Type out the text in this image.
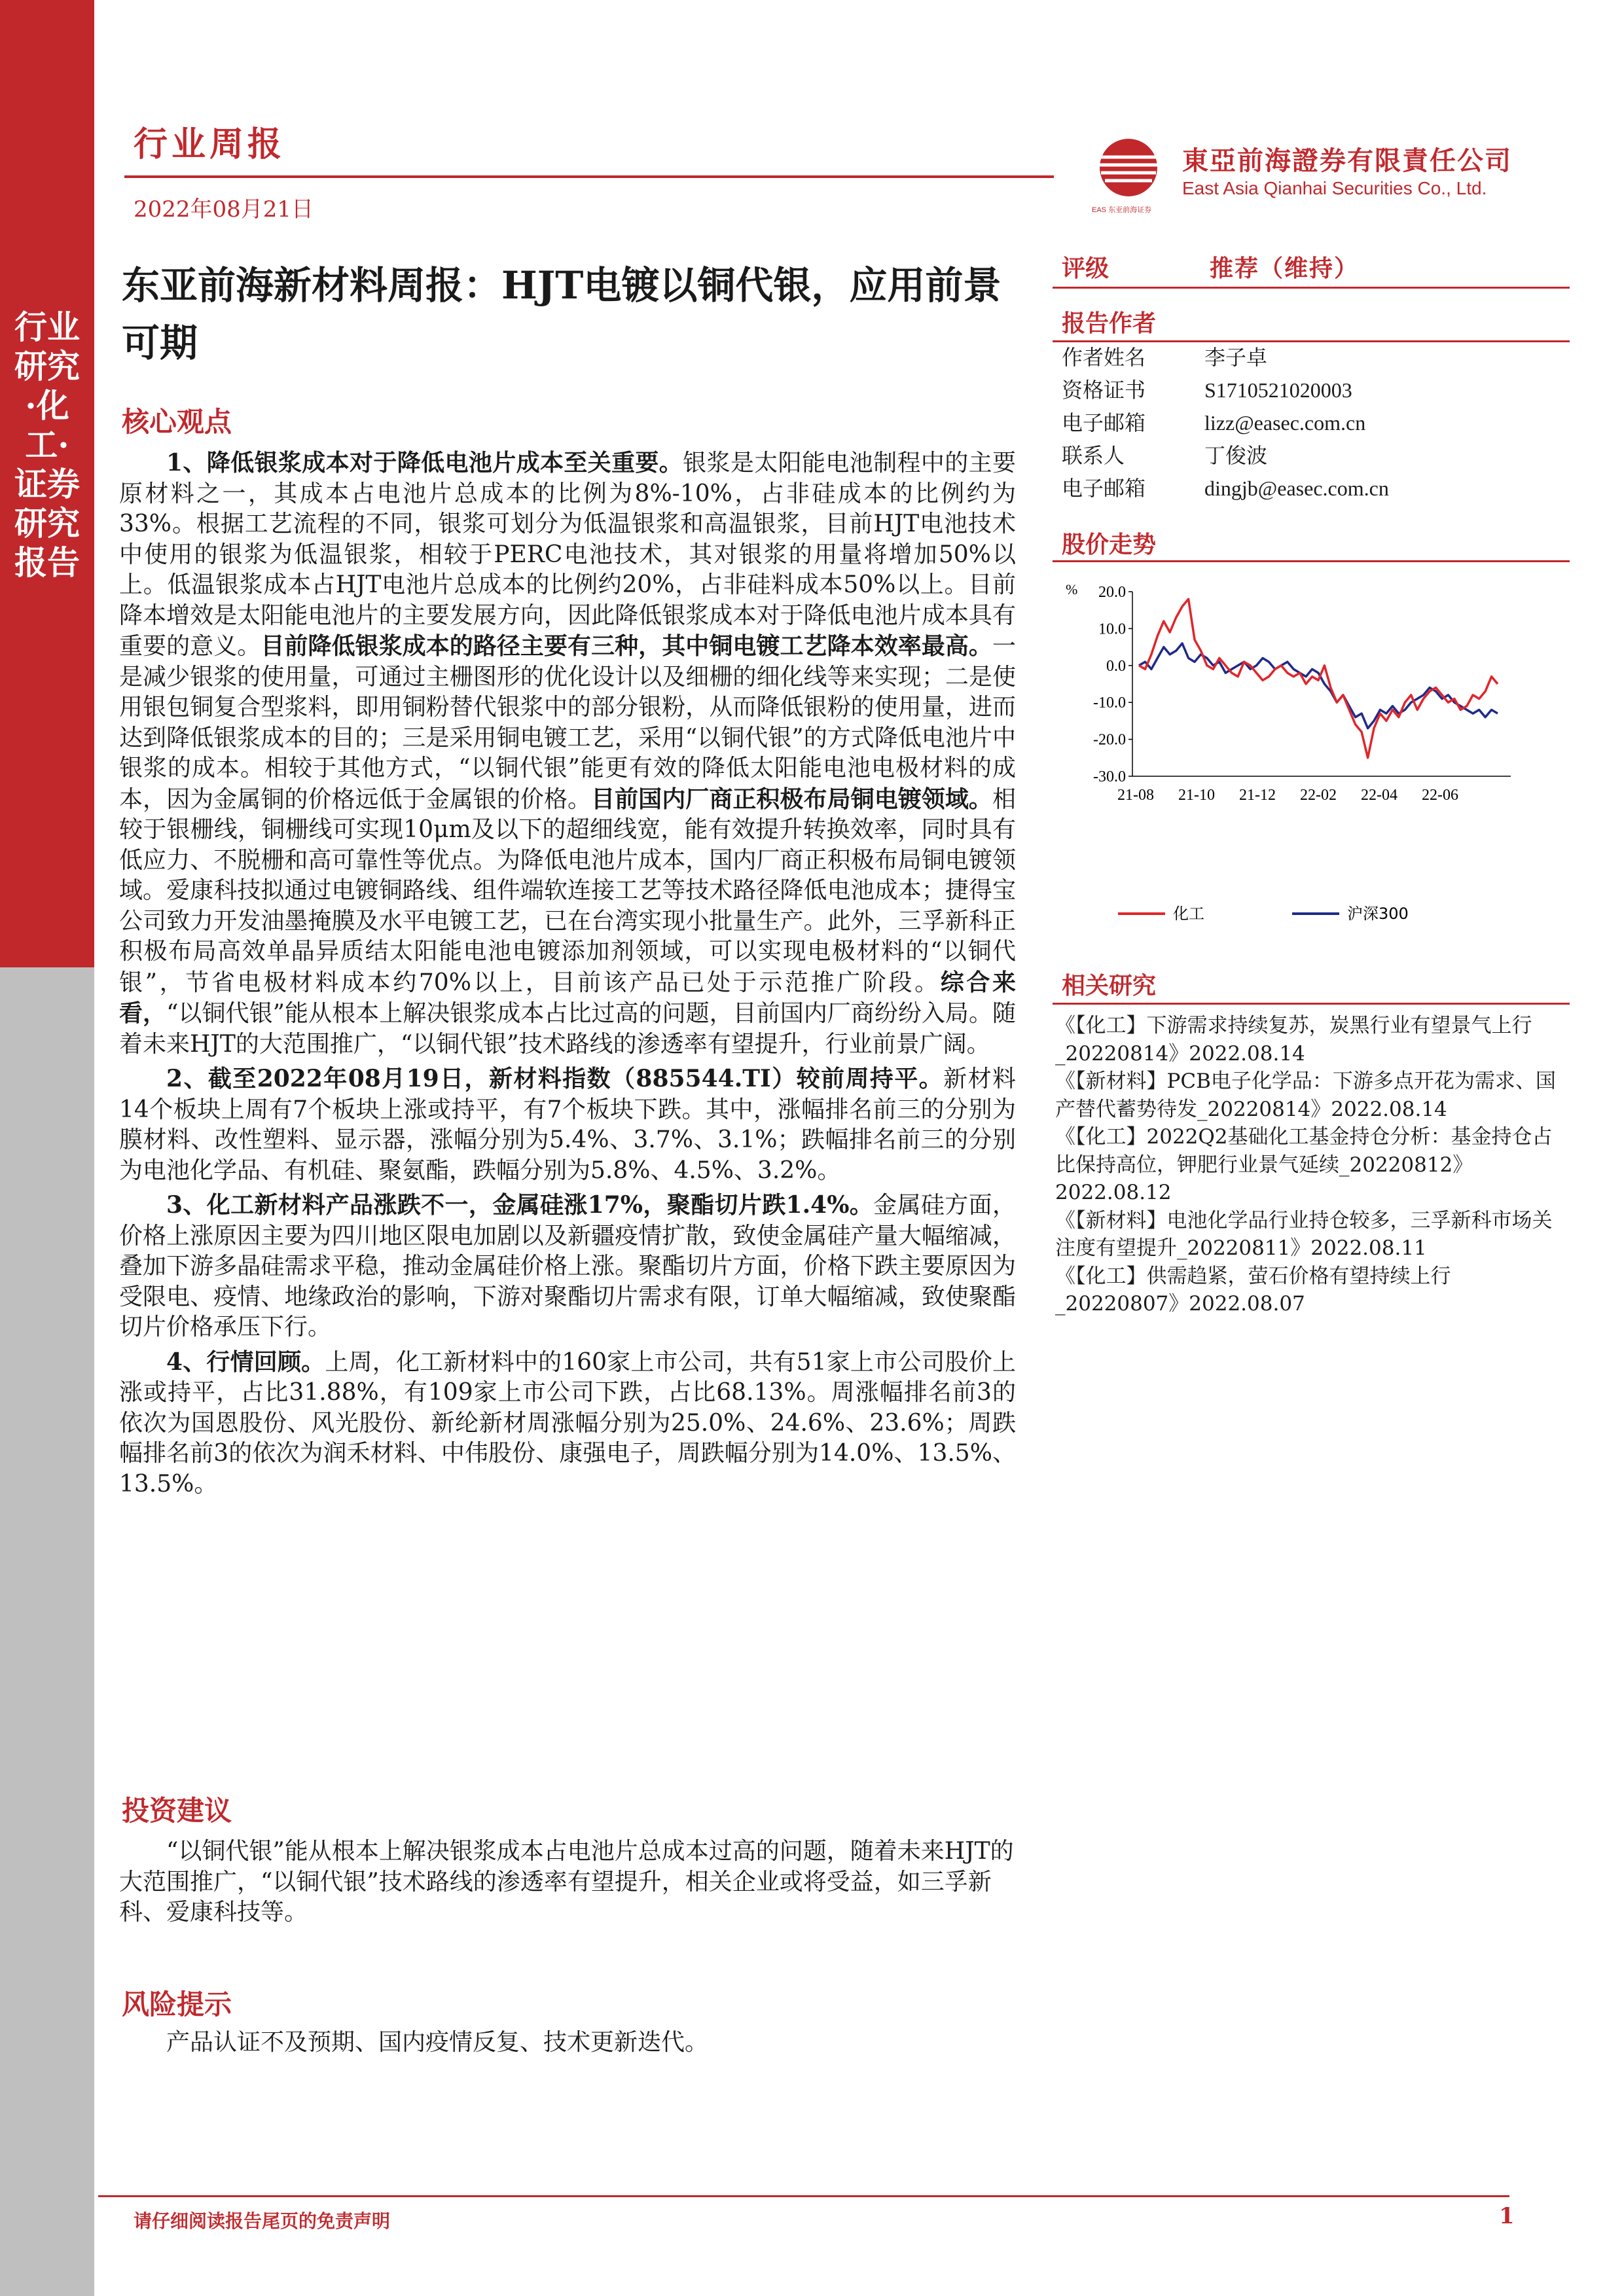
行业研究·化工·证券研究报告
行业周报
2022年08月21日	EAS 东亚前海证券
東亞前海證券有限責任公司
East Asia Qianhai Securities Co., Ltd.
东亚前海新材料周报：HJT电镀以铜代银，应用前景可期
核心观点

1、降低银浆成本对于降低电池片成本至关重要。银浆是太阳能电池制程中的主要原材料之一，其成本占电池片总成本的比例为8%-10%，占非硅成本的比例约为33%。根据工艺流程的不同，银浆可划分为低温银浆和高温银浆，目前HJT电池技术中使用的银浆为低温银浆，相较于PERC电池技术，其对银浆的用量将增加50%以上。低温银浆成本占HJT电池片总成本的比例约20%，占非硅料成本50%以上。目前降本增效是太阳能电池片的主要发展方向，因此降低银浆成本对于降低电池片成本具有重要的意义。目前降低银浆成本的路径主要有三种，其中铜电镀工艺降本效率最高。一是减少银浆的使用量，可通过主栅图形的优化设计以及细栅的细化线等来实现；二是使用银包铜复合型浆料，即用铜粉替代银浆中的部分银粉，从而降低银粉的使用量，进而达到降低银浆成本的目的；三是采用铜电镀工艺，采用“以铜代银”的方式降低电池片中银浆的成本。相较于其他方式，“以铜代银”能更有效的降低太阳能电池电极材料的成本，因为金属铜的价格远低于金属银的价格。目前国内厂商正积极布局铜电镀领域。相较于银栅线，铜栅线可实现10μm及以下的超细线宽，能有效提升转换效率，同时具有低应力、不脱栅和高可靠性等优点。为降低电池片成本，国内厂商正积极布局铜电镀领域。爱康科技拟通过电镀铜路线、组件端软连接工艺等技术路径降低电池成本；捷得宝公司致力开发油墨掩膜及水平电镀工艺，已在台湾实现小批量生产。此外，三孚新科正积极布局高效单晶异质结太阳能电池电镀添加剂领域，可以实现电极材料的“以铜代银”，节省电极材料成本约70%以上，目前该产品已处于示范推广阶段。综合来看，“以铜代银”能从根本上解决银浆成本占比过高的问题，目前国内厂商纷纷入局。随着未来HJT的大范围推广，“以铜代银”技术路线的渗透率有望提升，行业前景广阔。

2、截至2022年08月19日，新材料指数（885544.TI）较前周持平。新材料14个板块上周有7个板块上涨或持平，有7个板块下跌。其中，涨幅排名前三的分别为膜材料、改性塑料、显示器，涨幅分别为5.4%、3.7%、3.1%；跌幅排名前三的分别为电池化学品、有机硅、聚氨酯，跌幅分别为5.8%、4.5%、3.2%。

3、化工新材料产品涨跌不一，金属硅涨17%，聚酯切片跌1.4%。金属硅方面，价格上涨原因主要为四川地区限电加剧以及新疆疫情扩散，致使金属硅产量大幅缩减，叠加下游多晶硅需求平稳，推动金属硅价格上涨。聚酯切片方面，价格下跌主要原因为受限电、疫情、地缘政治的影响，下游对聚酯切片需求有限，订单大幅缩减，致使聚酯切片价格承压下行。

4、行情回顾。上周，化工新材料中的160家上市公司，共有51家上市公司股价上涨或持平，占比31.88%，有109家上市公司下跌，占比68.13%。周涨幅排名前3的依次为国恩股份、风光股份、新纶新材周涨幅分别为25.0%、24.6%、23.6%；周跌幅排名前3的依次为润禾材料、中伟股份、康强电子，周跌幅分别为14.0%、13.5%、13.5%。

投资建议
“以铜代银”能从根本上解决银浆成本占电池片总成本过高的问题，随着未来HJT的大范围推广，“以铜代银”技术路线的渗透率有望提升，相关企业或将受益，如三孚新科、爱康科技等。
风险提示
产品认证不及预期、国内疫情反复、技术更新迭代。
请仔细阅读报告尾页的免责声明	1
评级	推荐（维持）
报告作者
作者姓名	李子卓
资格证书	S1710521020003
电子邮箱	lizz@easec.com.cn
联系人	丁俊波
电子邮箱	dingjb@easec.com.cn
股价走势
% 20.0
10.0
0.0
-10.0
-20.0
-30.0
21-08 21-10 21-12 22-02 22-04 22-06
化工	沪深300
相关研究
《【化工】下游需求持续复苏，炭黑行业有望景气上行_20220814》2022.08.14
《【新材料】PCB电子化学品：下游多点开花为需求、国产替代蓄势待发_20220814》2022.08.14
《【化工】2022Q2基础化工基金持仓分析：基金持仓占比保持高位，钾肥行业景气延续_20220812》2022.08.12
《【新材料】电池化学品行业持仓较多，三孚新科市场关注度有望提升_20220811》2022.08.11
《【化工】供需趋紧，萤石价格有望持续上行_20220807》2022.08.07
